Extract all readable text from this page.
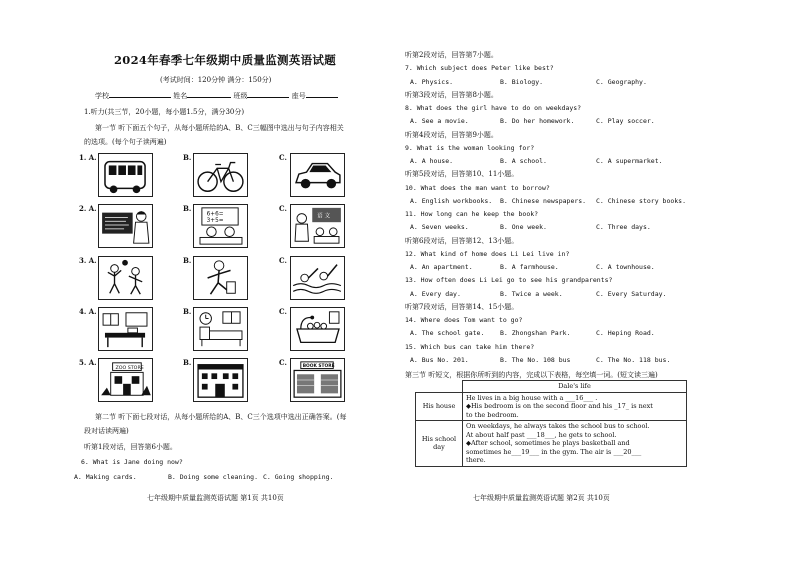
2024年春季七年级期中质量监测英语试题
(考试时间：120分钟 满分：150分)
学校	姓名	班级	座号
1.听力(共三节，20小题，每小题1.5分，满分30分)
第一节 听下面五个句子，从每小题所给的A、B、C三幅图中选出与句子内容相关
的选项。(每个句子读两遍)
1. A.	B.	C.
2. A.	B.	C.
6+6=
3+5=
语 文
3. A.	B.	C.
4. A.	B.	C.
5. A.	B.	C.
ZOO STORE	BOOK STORE
第二节 听下面七段对话，从每小题所给的A、B、C三个选项中选出正确答案。(每
段对话读两遍)
听第1段对话，回答第6小题。
6. What is Jane doing now?
A. Making cards.	B. Doing some cleaning. C. Going shopping.
七年级期中质量监测英语试题 第1页 共10页
听第2段对话，回答第7小题。
7. Which subject does Peter like best?
A. Physics.	B. Biology.	C. Geography.
听第3段对话，回答第8小题。
8. What does the girl have to do on weekdays?
A. See a movie.	B. Do her homework.	C. Play soccer.
听第4段对话，回答第9小题。
9. What is the woman looking for?
A. A house.	B. A school.	C. A supermarket.
听第5段对话，回答第10、11小题。
10. What does the man want to borrow?
A. English workbooks. B. Chinese newspapers. C. Chinese story books.
11. How long can he keep the book?
A. Seven weeks.	B. One week.	C. Three days.
听第6段对话，回答第12、13小题。
12. What kind of home does Li Lei live in?
A. An apartment.	B. A farmhouse.	C. A townhouse.
13. How often does Li Lei go to see his grandparents?
A. Every day.	B. Twice a week.	C. Every Saturday.
听第7段对话，回答第14、15小题。
14. Where does Tom want to go?
A. The school gate. B. Zhongshan Park.	C. Heping Road.
15. Which bus can take him there?
A. Bus No. 201.	B. The No. 108 bus	C. The No. 118 bus.
第三节 听短文，根据你所听到的内容，完成以下表格，每空填一词。(短文读三遍)
	Dale's life
His house	He lives in a big house with a ___16___ .
◆His bedroom is on the second floor and his _17_ is next
to the bedroom.

His school day	On weekdays, he always takes the school bus to school.
At about half past ___18___, he gets to school.
◆After school, sometimes he plays basketball and
sometimes he___19___ in the gym. The air is ___20___
there.
七年级期中质量监测英语试题 第2页 共10页
